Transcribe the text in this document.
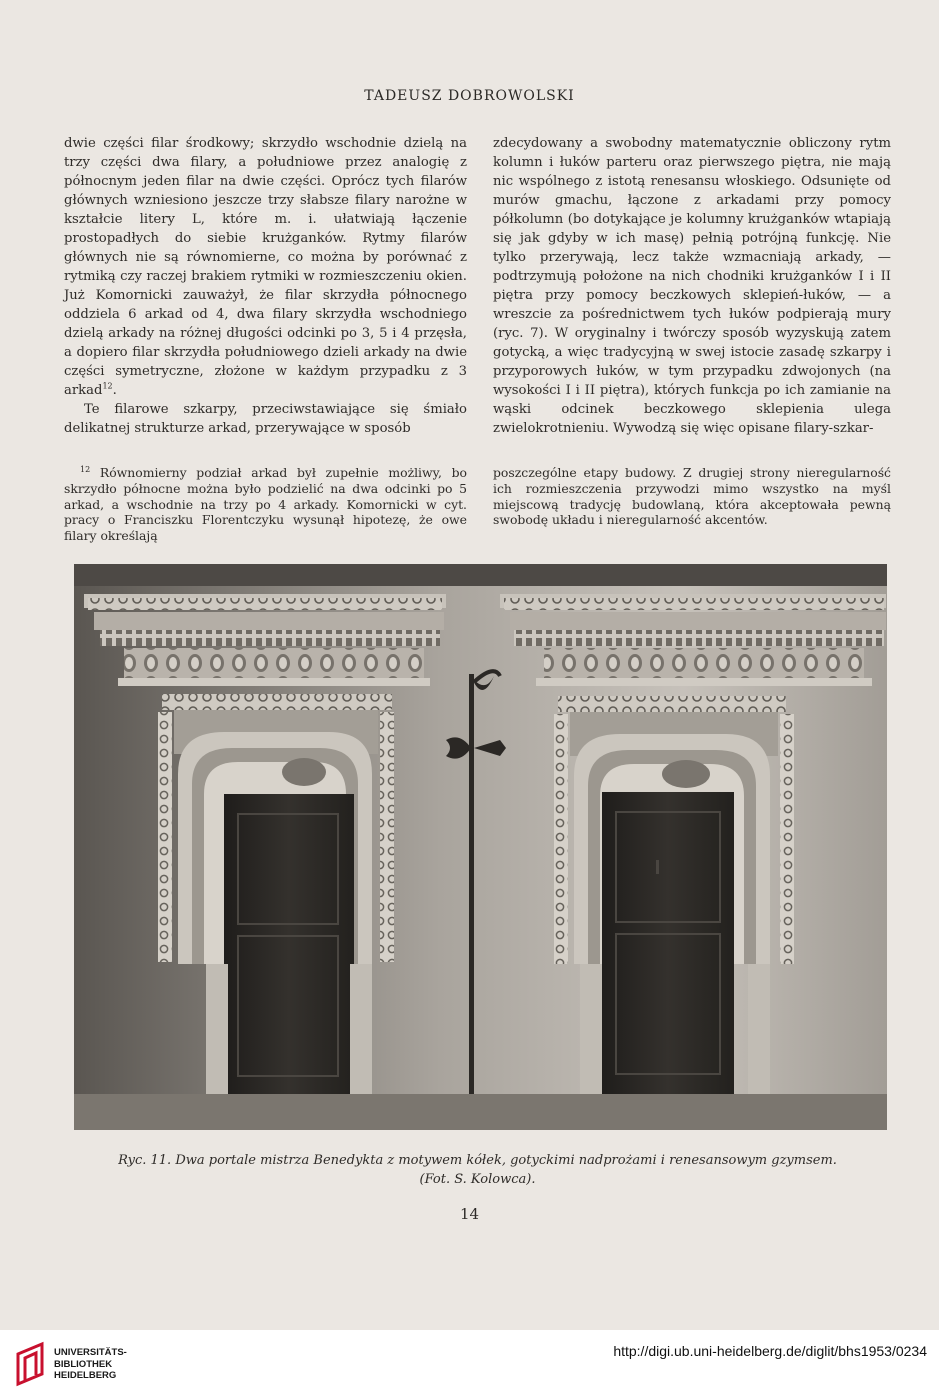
TADEUSZ DOBROWOLSKI

dwie części filar środkowy; skrzydło wschodnie dzielą na trzy części dwa filary, a południowe przez analogię z północnym jeden filar na dwie części. Oprócz tych filarów głównych wzniesiono jeszcze trzy słabsze filary narożne w kształcie litery L, które m. i. ułatwiają łączenie prostopadłych do siebie krużganków. Rytmy filarów głównych nie są równomierne, co można by porównać z rytmiką czy raczej brakiem rytmiki w rozmieszczeniu okien. Już Komornicki zauważył, że filar skrzydła północnego oddziela 6 arkad od 4, dwa filary skrzydła wschodniego dzielą arkady na różnej długości odcinki po 3, 5 i 4 przęsła, a dopiero filar skrzydła południowego dzieli arkady na dwie części symetryczne, złożone w każdym przypadku z 3 arkad$^{12}$.

Te filarowe szkarpy, przeciwstawiające się śmiało delikatnej strukturze arkad, przerywające w sposób

zdecydowany a swobodny matematycznie obliczony rytm kolumn i łuków parteru oraz pierwszego piętra, nie mają nic wspólnego z istotą renesansu włoskiego. Odsunięte od murów gmachu, łączone z arkadami przy pomocy półkolumn (bo dotykające je kolumny krużganków wtapiają się jak gdyby w ich masę) pełnią potrójną funkcję. Nie tylko przerywają, lecz także wzmacniają arkady, — podtrzymują położone na nich chodniki krużganków I i II piętra przy pomocy beczkowych sklepień-łuków, — a wreszcie za pośrednictwem tych łuków podpierają mury (ryc. 7). W oryginalny i twórczy sposób wyzyskują zatem gotycką, a więc tradycyjną w swej istocie zasadę szkarpy i przyporowych łuków, w tym przypadku zdwojonych (na wysokości I i II piętra), których funkcja po ich zamianie na wąski odcinek beczkowego sklepienia ulega zwielokrotnieniu. Wywodzą się więc opisane filary-szkar-

$^{12}$ Równomierny podział arkad był zupełnie możliwy, bo skrzydło północne można było podzielić na dwa odcinki po 5 arkad, a wschodnie na trzy po 4 arkady. Komornicki w cyt. pracy o Franciszku Florentczyku wysunął hipotezę, że owe filary określają
poszczególne etapy budowy. Z drugiej strony nieregularność ich rozmieszczenia przywodzi mimo wszystko na myśl miejscową tradycję budowlaną, która akceptowała pewną swobodę układu i nieregularność akcentów.
Ryc. 11. Dwa portale mistrza Benedykta z motywem kółek, gotyckimi nadprożami i renesansowym gzymsem.
(Fot. S. Kolowca).
14
UNIVERSITÄTS-
BIBLIOTHEK
HEIDELBERG
http://digi.ub.uni-heidelberg.de/diglit/bhs1953/0234
